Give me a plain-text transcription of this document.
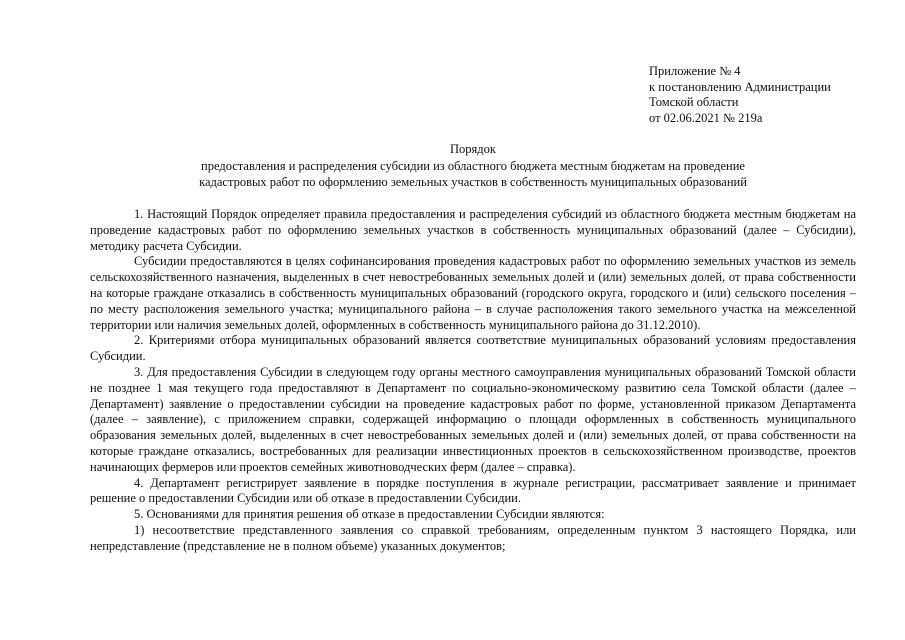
Приложение № 4
к постановлению Администрации
Томской области
от 02.06.2021 № 219а
Порядок
предоставления и распределения субсидии из областного бюджета местным бюджетам на проведение
кадастровых работ по оформлению земельных участков в собственность муниципальных образований

1. Настоящий Порядок определяет правила предоставления и распределения субсидий из областного бюджета местным бюджетам на проведение кадастровых работ по оформлению земельных участков в собственность муниципальных образований (далее – Субсидии), методику расчета Субсидии.

Субсидии предоставляются в целях софинансирования проведения кадастровых работ по оформлению земельных участков из земель сельскохозяйственного назначения, выделенных в счет невостребованных земельных долей и (или) земельных долей, от права собственности на которые граждане отказались в собственность муниципальных образований (городского округа, городского и (или) сельского поселения – по месту расположения земельного участка; муниципального района – в случае расположения такого земельного участка на межселенной территории или наличия земельных долей, оформленных в собственность муниципального района до 31.12.2010).

2. Критериями отбора муниципальных образований является соответствие муниципальных образований условиям предоставления Субсидии.

3. Для предоставления Субсидии в следующем году органы местного самоуправления муниципальных образований Томской области не позднее 1 мая текущего года предоставляют в Департамент по социально-экономическому развитию села Томской области (далее – Департамент) заявление о предоставлении субсидии на проведение кадастровых работ по форме, установленной приказом Департамента (далее – заявление), с приложением справки, содержащей информацию о площади оформленных в собственность муниципального образования земельных долей, выделенных в счет невостребованных земельных долей и (или) земельных долей, от права собственности на которые граждане отказались, востребованных для реализации инвестиционных проектов в сельскохозяйственном производстве, проектов начинающих фермеров или проектов семейных животноводческих ферм (далее – справка).

4. Департамент регистрирует заявление в порядке поступления в журнале регистрации, рассматривает заявление и принимает решение о предоставлении Субсидии или об отказе в предоставлении Субсидии.

5. Основаниями для принятия решения об отказе в предоставлении Субсидии являются:

1) несоответствие представленного заявления со справкой требованиям, определенным пунктом 3 настоящего Порядка, или непредставление (представление не в полном объеме) указанных документов;
